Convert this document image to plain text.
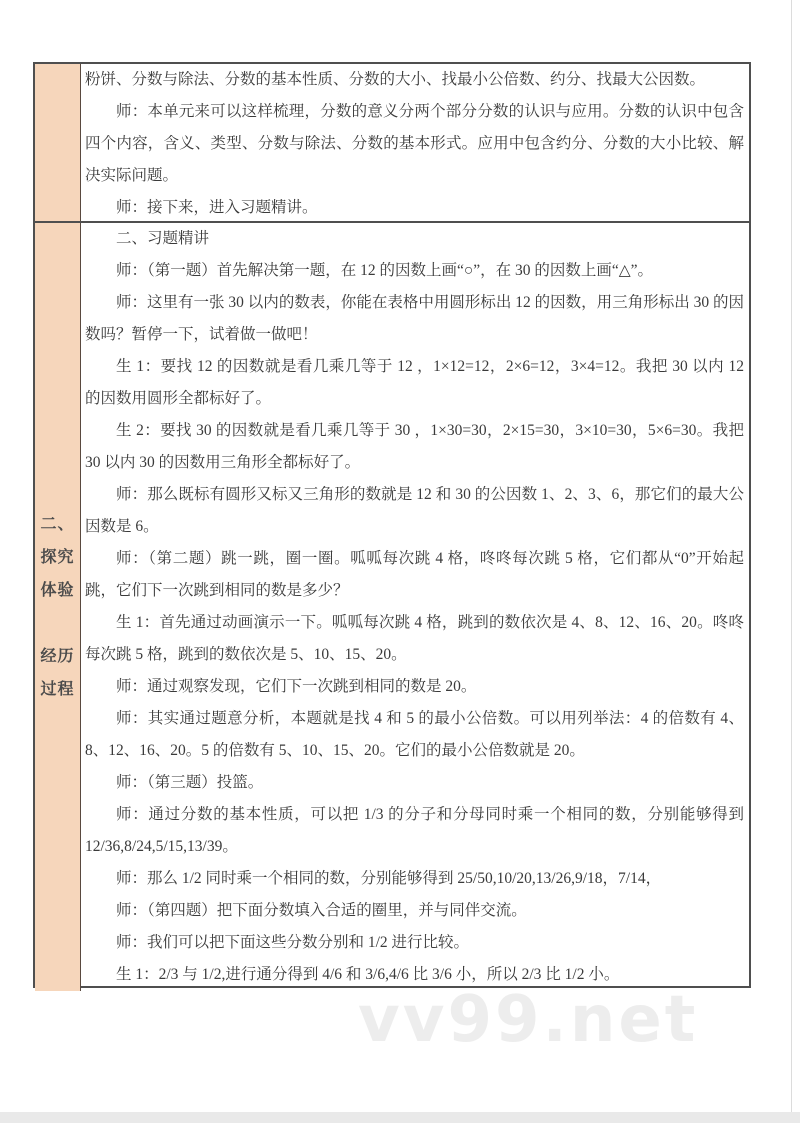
粉饼、分数与除法、分数的基本性质、分数的大小、找最小公倍数、约分、找最大公因数。

师：本单元来可以这样梳理，分数的意义分两个部分分数的认识与应用。分数的认识中包含四个内容，含义、类型、分数与除法、分数的基本形式。应用中包含约分、分数的大小比较、解决实际问题。

师：接下来，进入习题精讲。

二、
探究
体验
经历
过程

二、习题精讲

师：（第一题）首先解决第一题，在 12 的因数上画“○”，在 30 的因数上画“△”。

师：这里有一张 30 以内的数表，你能在表格中用圆形标出 12 的因数，用三角形标出 30 的因数吗？暂停一下，试着做一做吧！

生 1：要找 12 的因数就是看几乘几等于 12 ，1×12=12，2×6=12，3×4=12。我把 30 以内 12 的因数用圆形全都标好了。

生 2：要找 30 的因数就是看几乘几等于 30 ，1×30=30，2×15=30，3×10=30，5×6=30。我把 30 以内 30 的因数用三角形全都标好了。

师：那么既标有圆形又标又三角形的数就是 12 和 30 的公因数 1、2、3、6，那它们的最大公因数是 6。

师：（第二题）跳一跳，圈一圈。呱呱每次跳 4 格，咚咚每次跳 5 格，它们都从“0”开始起跳，它们下一次跳到相同的数是多少？

生 1：首先通过动画演示一下。呱呱每次跳 4 格，跳到的数依次是 4、8、12、16、20。咚咚每次跳 5 格，跳到的数依次是 5、10、15、20。

师：通过观察发现，它们下一次跳到相同的数是 20。

师：其实通过题意分析，本题就是找 4 和 5 的最小公倍数。可以用列举法：4 的倍数有 4、8、12、16、20。5 的倍数有 5、10、15、20。它们的最小公倍数就是 20。

师：（第三题）投篮。

师：通过分数的基本性质，可以把 1/3 的分子和分母同时乘一个相同的数，分别能够得到 12/36,8/24,5/15,13/39。

师：那么 1/2 同时乘一个相同的数，分别能够得到 25/50,10/20,13/26,9/18，7/14，

师：（第四题）把下面分数填入合适的圈里，并与同伴交流。

师：我们可以把下面这些分数分别和 1/2 进行比较。

生 1：2/3 与 1/2,进行通分得到 4/6 和 3/6,4/6 比 3/6 小，所以 2/3 比 1/2 小。

vv99.net
